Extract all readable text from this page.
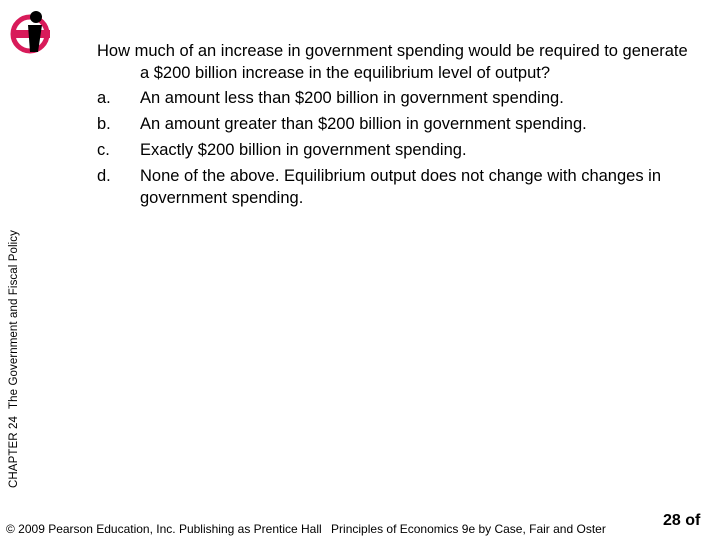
CHAPTER 24 The Government and Fiscal Policy

How much of an increase in government spending would be required to generate a $200 billion increase in the equilibrium level of output?

a.	An amount less than $200 billion in government spending.
b.	An amount greater than $200 billion in government spending.
c.	Exactly $200 billion in government spending.
d.	None of the above. Equilibrium output does not change with changes in government spending.
© 2009 Pearson Education, Inc. Publishing as Prentice Hall Principles of Economics 9e by Case, Fair and Oster	28 of
